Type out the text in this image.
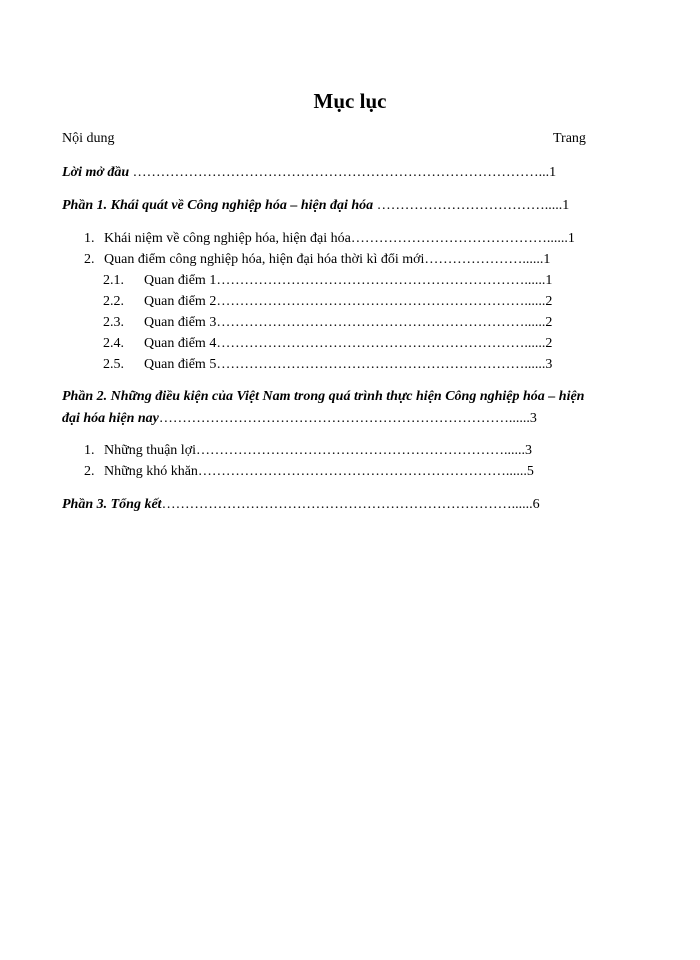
Mục lục
Nội dung	Trang
Lời mở đầu ……………………………………………………………………………...1
Phần 1. Khái quát về Công nghiệp hóa – hiện đại hóa ……………………………….....1
1. Khái niệm về công nghiệp hóa, hiện đại hóa……………………………………......1
2. Quan điểm công nghiệp hóa, hiện đại hóa thời kì đổi mới…………………......1
2.1. Quan điểm 1…………………………………………………………......1
2.2. Quan điểm 2…………………………………………………………......2
2.3. Quan điểm 3…………………………………………………………......2
2.4. Quan điểm 4…………………………………………………………......2
2.5. Quan điểm 5…………………………………………………………......3
Phần 2. Những điều kiện của Việt Nam trong quá trình thực hiện Công nghiệp hóa – hiện
đại hóa hiện nay…………………………………………………………………......3
1. Những thuận lợi…………………………………………………………......3
2. Những khó khăn…………………………………………………………......5
Phần 3. Tổng kết…………………………………………………………………......6
